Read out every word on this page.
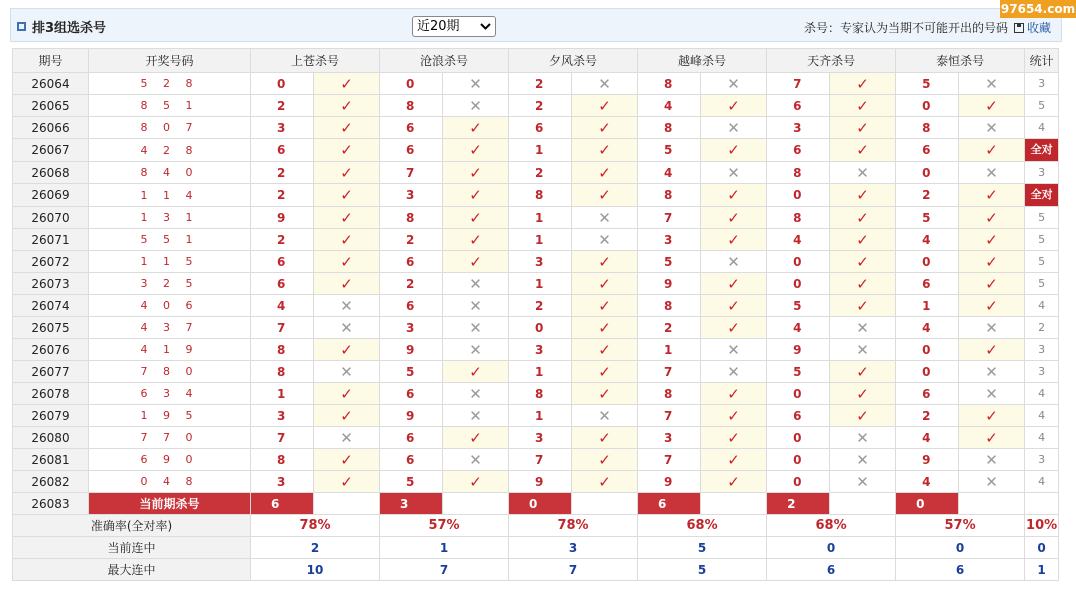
排3组选杀号	近20期	杀号：专家认为当期不可能开出的号码 收藏
97654.com
期号	开奖号码	上苍杀号		沧浪杀号		夕风杀号		越峰杀号		天齐杀号		泰恒杀号		统计
26064	5 2 8	0	✓	0	✕	2	✕	8	✕	7	✓	5	✕	3
26065	8 5 1	2	✓	8	✕	2	✓	4	✓	6	✓	0	✓	5
26066	8 0 7	3	✓	6	✓	6	✓	8	✕	3	✓	8	✕	4
26067	4 2 8	6	✓	6	✓	1	✓	5	✓	6	✓	6	✓	全对
26068	8 4 0	2	✓	7	✓	2	✓	4	✕	8	✕	0	✕	3
26069	1 1 4	2	✓	3	✓	8	✓	8	✓	0	✓	2	✓	全对
26070	1 3 1	9	✓	8	✓	1	✕	7	✓	8	✓	5	✓	5
26071	5 5 1	2	✓	2	✓	1	✕	3	✓	4	✓	4	✓	5
26072	1 1 5	6	✓	6	✓	3	✓	5	✕	0	✓	0	✓	5
26073	3 2 5	6	✓	2	✕	1	✓	9	✓	0	✓	6	✓	5
26074	4 0 6	4	✕	6	✕	2	✓	8	✓	5	✓	1	✓	4
26075	4 3 7	7	✕	3	✕	0	✓	2	✓	4	✕	4	✕	2
26076	4 1 9	8	✓	9	✕	3	✓	1	✕	9	✕	0	✓	3
26077	7 8 0	8	✕	5	✓	1	✓	7	✕	5	✓	0	✕	3
26078	6 3 4	1	✓	6	✕	8	✓	8	✓	0	✓	6	✕	4
26079	1 9 5	3	✓	9	✕	1	✕	7	✓	6	✓	2	✓	4
26080	7 7 0	7	✕	6	✓	3	✓	3	✓	0	✕	4	✓	4
26081	6 9 0	8	✓	6	✕	7	✓	7	✓	0	✕	9	✕	3
26082	0 4 8	3	✓	5	✓	9	✓	9	✓	0	✕	4	✕	4
26083	当前期杀号	6		3		0		6		2		0		
准确率(全对率)		78%		57%		78%		68%		68%		57%		10%
当前连中		2		1		3		5		0		0		0
最大连中		10		7		7		5		6		6		1
